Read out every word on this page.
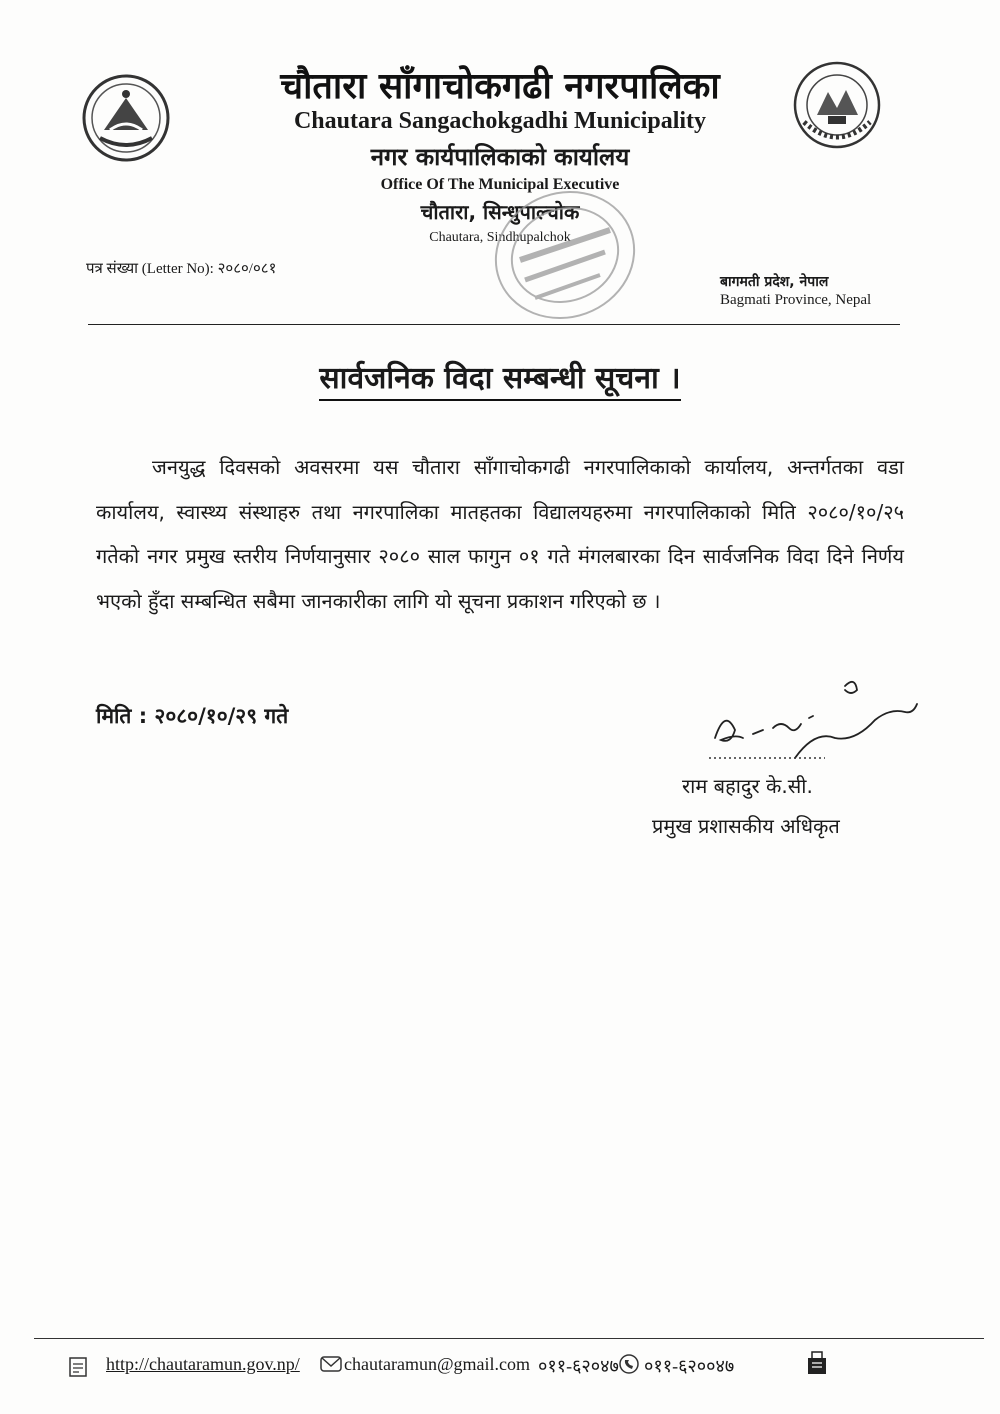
चौतारा साँगाचोकगढी नगरपालिका
Chautara Sangachokgadhi Municipality
नगर कार्यपालिकाको कार्यालय
Office Of The Municipal Executive
चौतारा, सिन्धुपाल्चोक
Chautara, Sindhupalchok
पत्र संख्या (Letter No): २०८०/०८१
बागमती प्रदेश, नेपाल
Bagmati Province, Nepal
सार्वजनिक विदा सम्बन्धी सूचना ।
जनयुद्ध दिवसको अवसरमा यस चौतारा साँगाचोकगढी नगरपालिकाको कार्यालय, अन्तर्गतका वडा कार्यालय, स्वास्थ्य संस्थाहरु तथा नगरपालिका मातहतका विद्यालयहरुमा नगरपालिकाको मिति २०८०/१०/२५ गतेको नगर प्रमुख स्तरीय निर्णयानुसार २०८० साल फागुन ०१ गते मंगलबारका दिन सार्वजनिक विदा दिने निर्णय भएको हुँदा सम्बन्धित सबैमा जानकारीका लागि यो सूचना प्रकाशन गरिएको छ ।
मिति : २०८०/१०/२९ गते
राम बहादुर के.सी.
प्रमुख प्रशासकीय अधिकृत
http://chautaramun.gov.np/ chautaramun@gmail.com ०११-६२०४७ ०११-६२००४७
